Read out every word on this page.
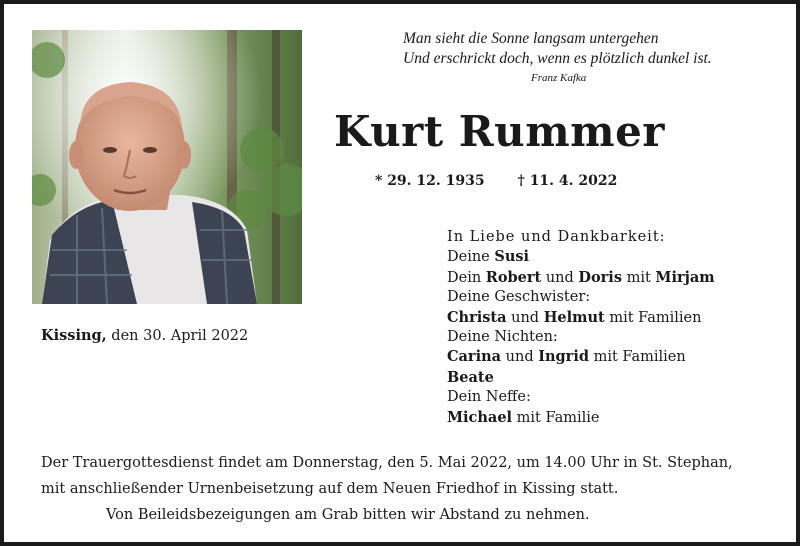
Man sieht die Sonne langsam untergehen
Und erschrickt doch, wenn es plötzlich dunkel ist.
Franz Kafka
Kurt Rummer
* 29. 12. 1935 † 11. 4. 2022
Kissing, den 30. April 2022
In Liebe und Dankbarkeit:
Deine Susi
Dein Robert und Doris mit Mirjam
Deine Geschwister:
Christa und Helmut mit Familien
Deine Nichten:
Carina und Ingrid mit Familien
Beate
Dein Neffe:
Michael mit Familie
Der Trauergottesdienst findet am Donnerstag, den 5. Mai 2022, um 14.00 Uhr in St. Stephan,
mit anschließender Urnenbeisetzung auf dem Neuen Friedhof in Kissing statt.
Von Beileidsbezeigungen am Grab bitten wir Abstand zu nehmen.
